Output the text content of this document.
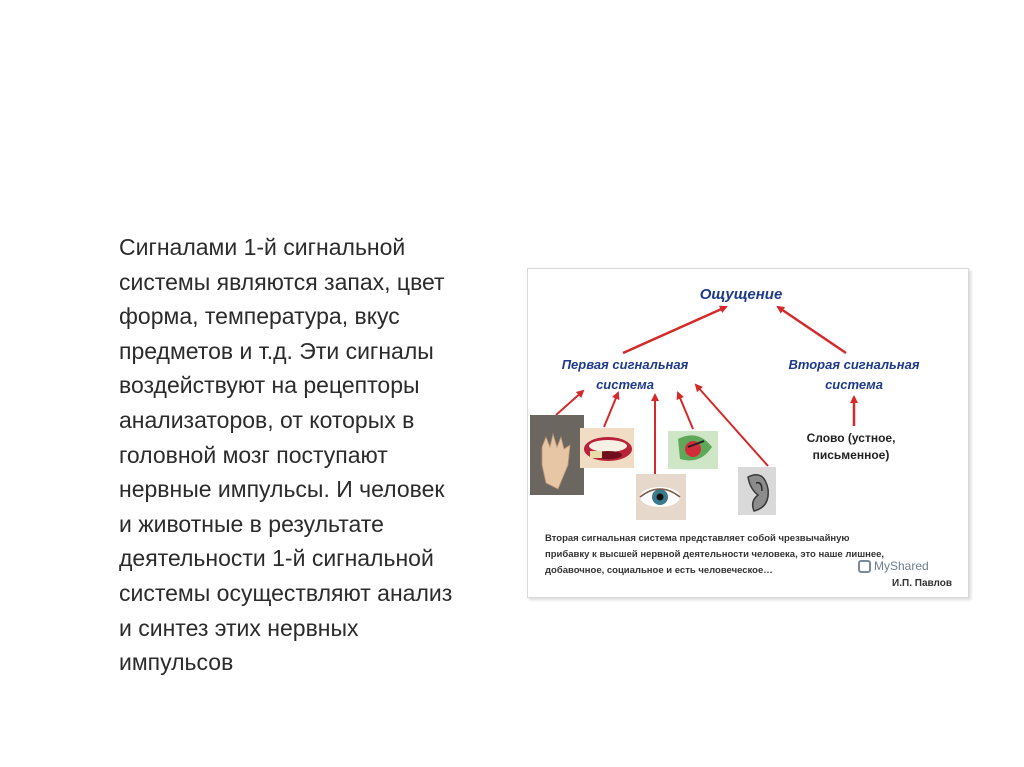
Сигналами 1-й сигнальной
системы являются запах, цвет
форма, температура, вкус
предметов и т.д. Эти сигналы
воздействуют на рецепторы
анализаторов, от которых в
головной мозг поступают
нервные импульсы. И человек
и животные в результате
деятельности 1-й сигнальной
системы осуществляют анализ
и синтез этих нервных
импульсов

Ощущение
Первая сигнальная
система
Вторая сигнальная
система
Слово (устное,
письменное)
Вторая сигнальная система представляет собой чрезвычайную
прибавку к высшей нервной деятельности человека, это наше лишнее,
добавочное, социальное и есть человеческое…	MyShared
И.П. Павлов
